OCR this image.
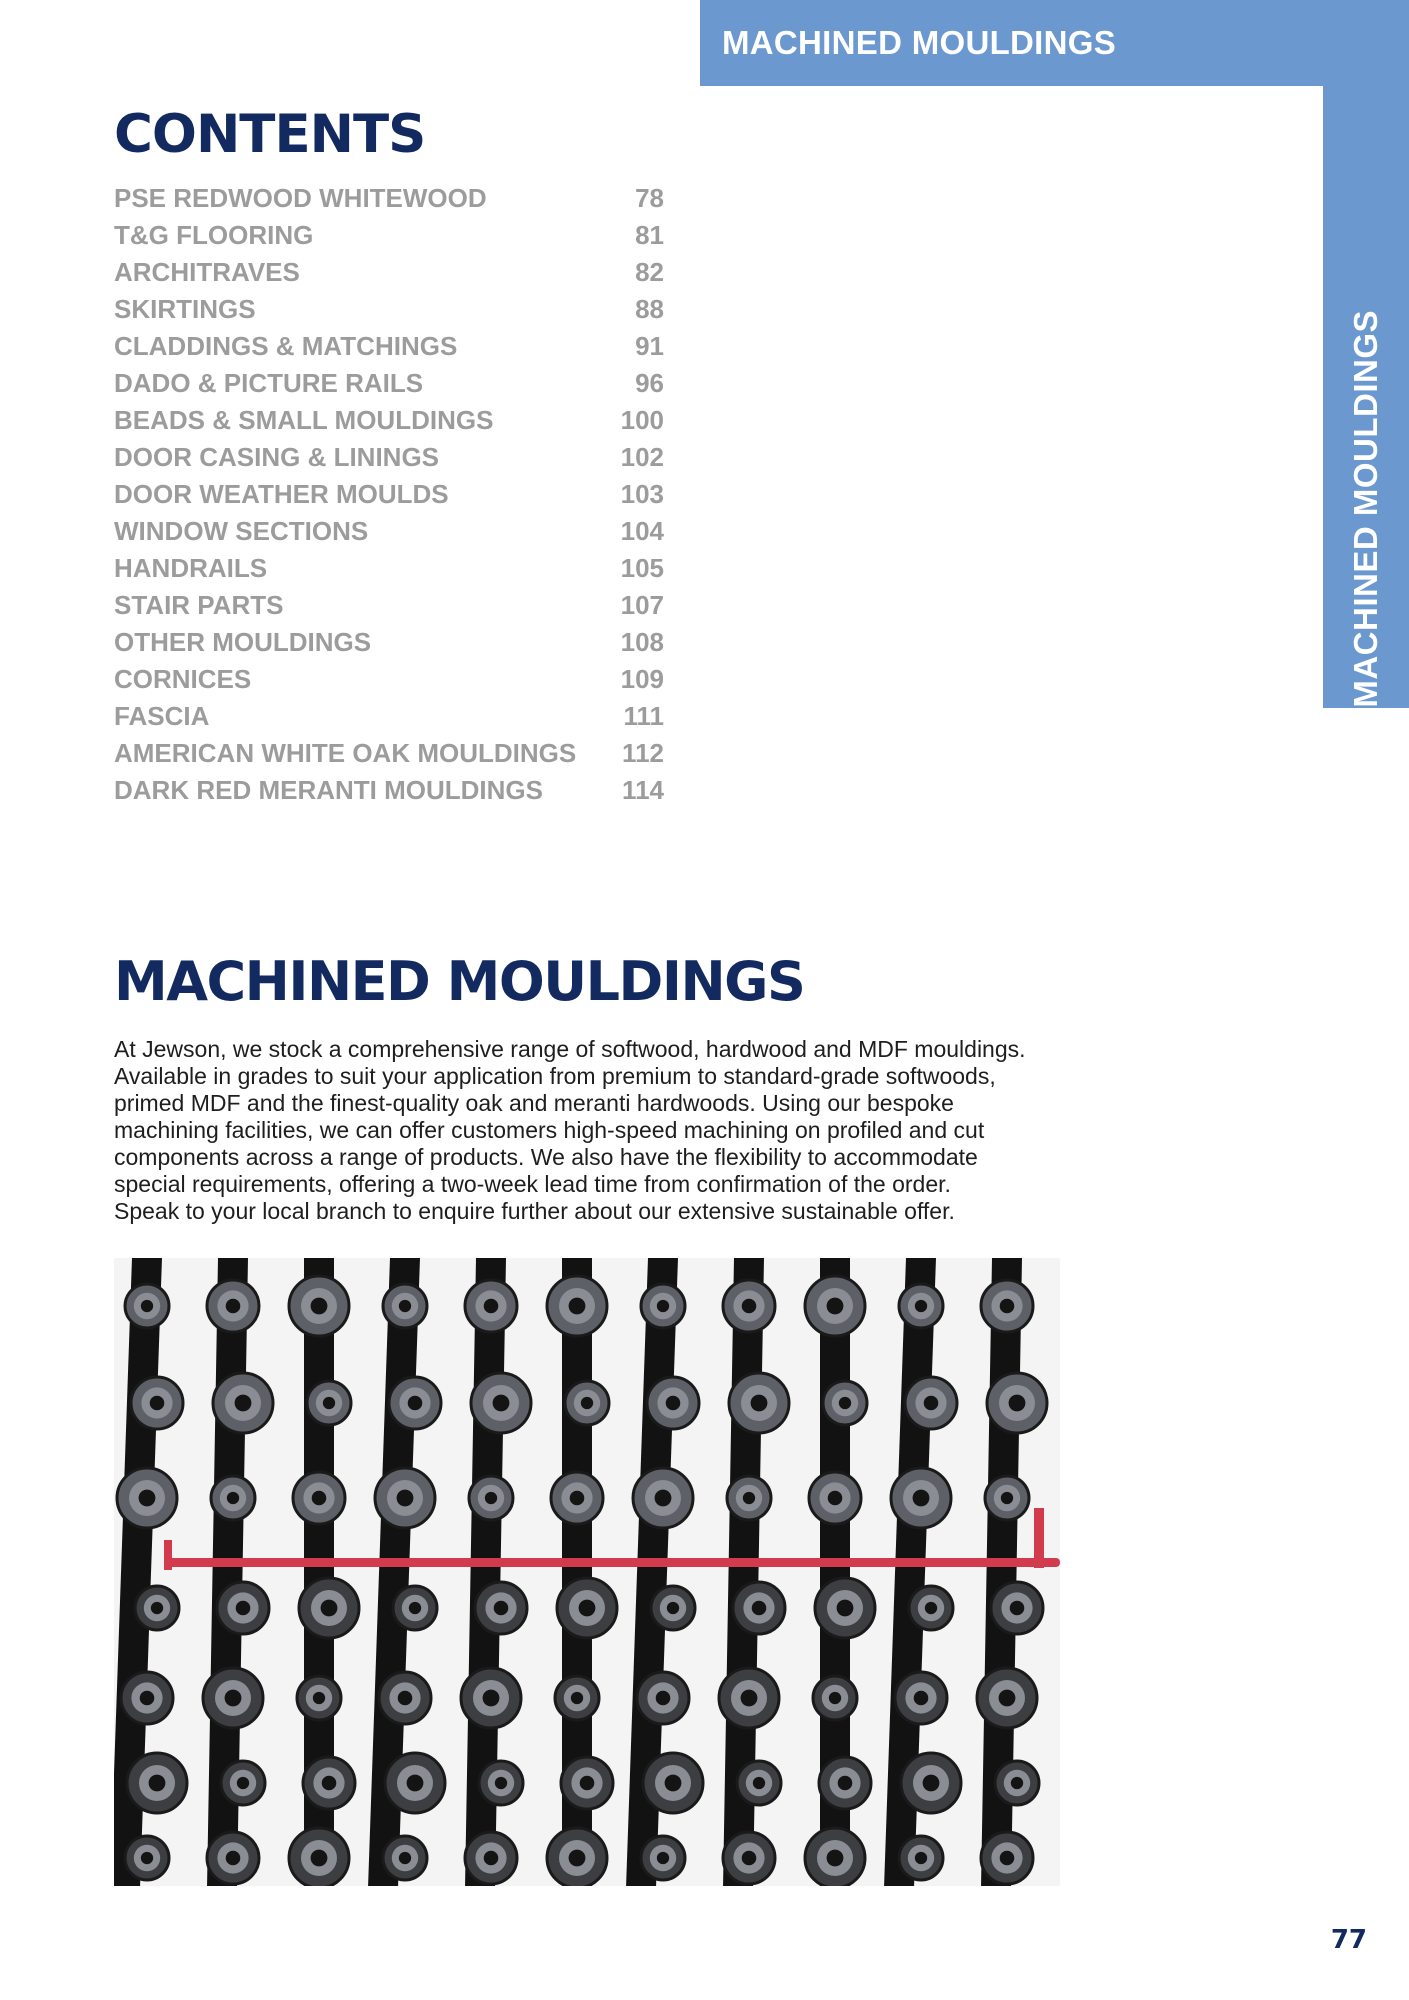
MACHINED MOULDINGS
MACHINED MOULDINGS
CONTENTS
PSE REDWOOD WHITEWOOD	78
T&G FLOORING	81
ARCHITRAVES	82
SKIRTINGS	88
CLADDINGS & MATCHINGS	91
DADO & PICTURE RAILS	96
BEADS & SMALL MOULDINGS	100
DOOR CASING & LININGS	102
DOOR WEATHER MOULDS	103
WINDOW SECTIONS	104
HANDRAILS	105
STAIR PARTS	107
OTHER MOULDINGS	108
CORNICES	109
FASCIA	111
AMERICAN WHITE OAK MOULDINGS 112
DARK RED MERANTI MOULDINGS	114
MACHINED MOULDINGS

At Jewson, we stock a comprehensive range of softwood, hardwood and MDF mouldings.
Available in grades to suit your application from premium to standard-grade softwoods,
primed MDF and the finest-quality oak and meranti hardwoods. Using our bespoke
machining facilities, we can offer customers high-speed machining on profiled and cut
components across a range of products. We also have the flexibility to accommodate
special requirements, offering a two-week lead time from confirmation of the order.
Speak to your local branch to enquire further about our extensive sustainable offer.

77
